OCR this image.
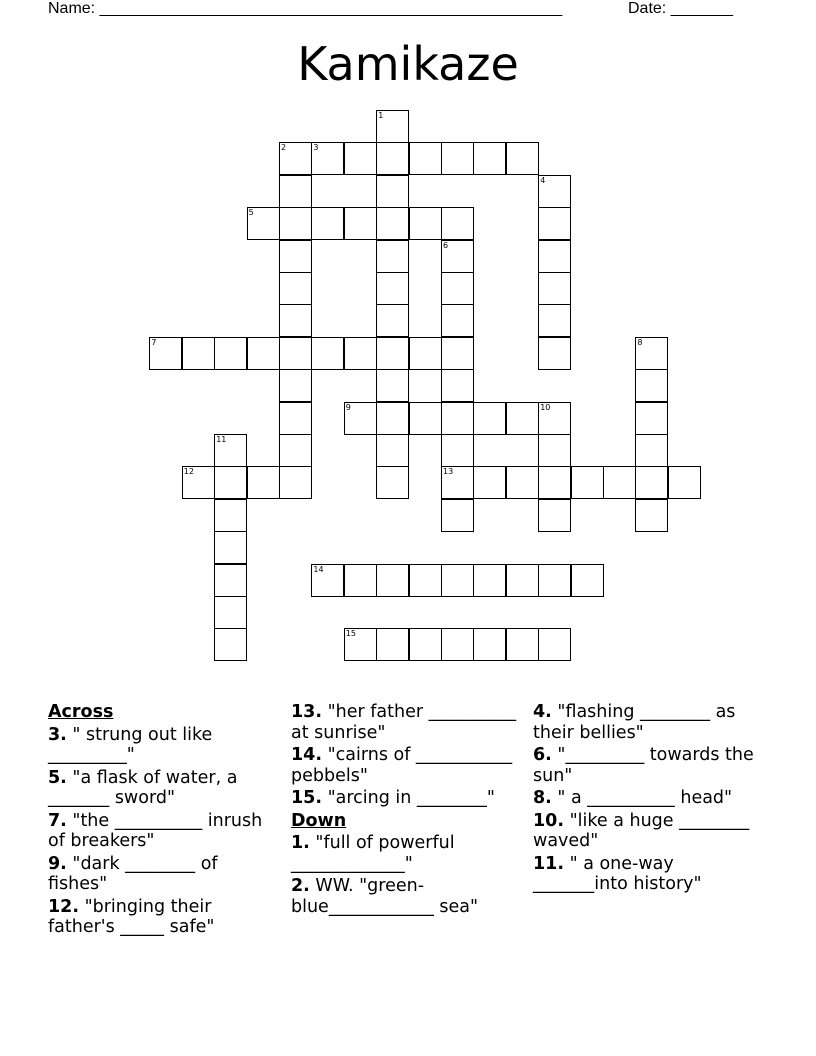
Name: ____________________________________________________	Date: _______
Kamikaze
1
2	3
4
5
6
13
7	8
9	10
11
12
14
15
Across
3. " strung out like _________"
5. "a flask of water, a _______ sword"
7. "the __________ inrush of breakers"
9. "dark ________ of fishes"
12. "bringing their father's _____ safe"
13. "her father __________ at sunrise"
14. "cairns of ___________ pebbels"
15. "arcing in ________"
Down
1. "full of powerful _____________"
2. WW. "green-blue____________ sea"
4. "flashing ________ as their bellies"
6. "_________ towards the sun"
8. " a __________ head"
10. "like a huge ________ waved"
11. " a one-way _______into history"
